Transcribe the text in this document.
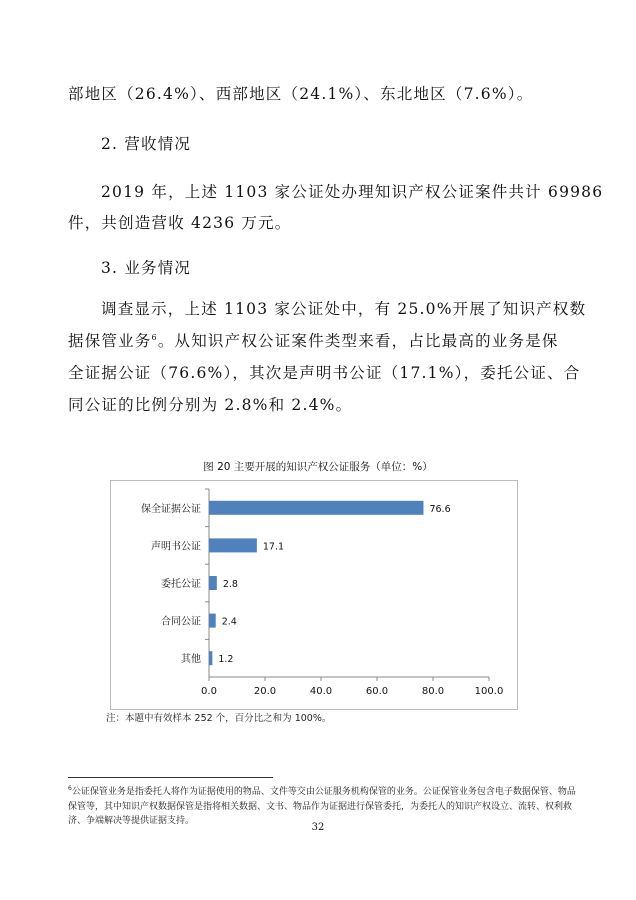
部地区（26.4%）、西部地区（24.1%）、东北地区（7.6%）。
2. 营收情况
2019 年，上述 1103 家公证处办理知识产权公证案件共计 69986
件，共创造营收 4236 万元。
3. 业务情况
调查显示，上述 1103 家公证处中，有 25.0%开展了知识产权数
据保管业务$^6$。从知识产权公证案件类型来看，占比最高的业务是保
全证据公证（76.6%），其次是声明书公证（17.1%），委托公证、合
同公证的比例分别为 2.8%和 2.4%。
图 20 主要开展的知识产权公证服务（单位：%）
0.0	20.0	40.0	60.0	80.0	100.0
保全证据公证	76.6
声明书公证	17.1
委托公证 2.8
合同公证 2.4
其他 1.2
注：本题中有效样本 252 个，百分比之和为 100%。
$^6$公证保管业务是指委托人将作为证据使用的物品、文件等交由公证服务机构保管的业务。公证保管业务包含电子数据保管、物品保管等，其中知识产权数据保管是指将相关数据、文书、物品作为证据进行保管委托，为委托人的知识产权设立、流转、权利救济、争端解决等提供证据支持。
32
